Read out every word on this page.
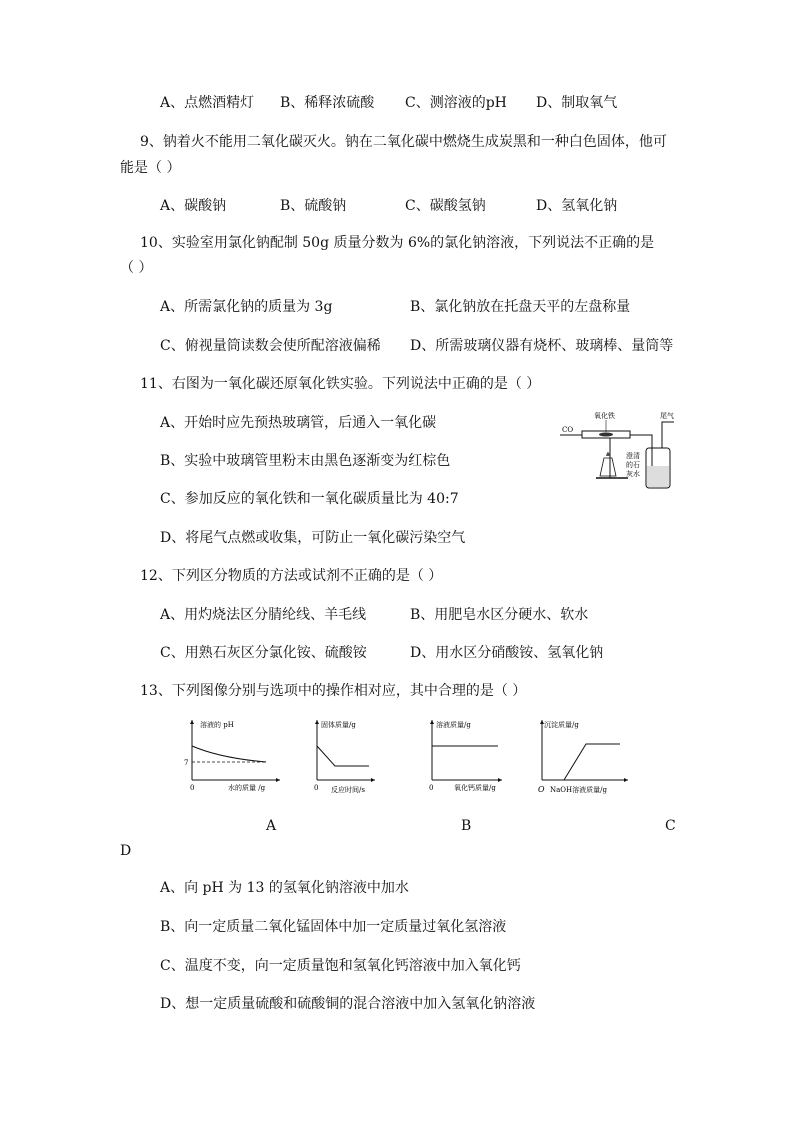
A、点燃酒精灯 B、稀释浓硫酸 C、测溶液的pH D、制取氧气
9、钠着火不能用二氧化碳灭火。钠在二氧化碳中燃烧生成炭黑和一种白色固体，他可
能是（ ）
A、碳酸钠	B、硫酸钠	C、碳酸氢钠	D、氢氧化钠
10、实验室用氯化钠配制 50g 质量分数为 6%的氯化钠溶液，下列说法不正确的是
（ ）
A、所需氯化钠的质量为 3g	B、氯化钠放在托盘天平的左盘称量
C、俯视量筒读数会使所配溶液偏稀 D、所需玻璃仪器有烧杯、玻璃棒、量筒等
11、右图为一氧化碳还原氧化铁实验。下列说法中正确的是（ ）
A、开始时应先预热玻璃管，后通入一氧化碳
B、实验中玻璃管里粉末由黑色逐渐变为红棕色
C、参加反应的氧化铁和一氧化碳质量比为 40:7
D、将尾气点燃或收集，可防止一氧化碳污染空气
CO
氧化铁	尾气
澄清
的石
灰水
12、下列区分物质的方法或试剂不正确的是（ ）
A、用灼烧法区分腈纶线、羊毛线	B、用肥皂水区分硬水、软水
C、用熟石灰区分氯化铵、硫酸铵	D、用水区分硝酸铵、氢氧化钠
13、下列图像分别与选项中的操作相对应，其中合理的是（ ）
溶液的 pH
7
0	水的质量 /g
固体质量/g
0 反应时间/s
溶液质量/g
0	氧化钙质量/g
沉淀质量/g
O NaOH溶液质量/g
A	B	C
D
A、向 pH 为 13 的氢氧化钠溶液中加水
B、向一定质量二氧化锰固体中加一定质量过氧化氢溶液
C、温度不变，向一定质量饱和氢氧化钙溶液中加入氧化钙
D、想一定质量硫酸和硫酸铜的混合溶液中加入氢氧化钠溶液
